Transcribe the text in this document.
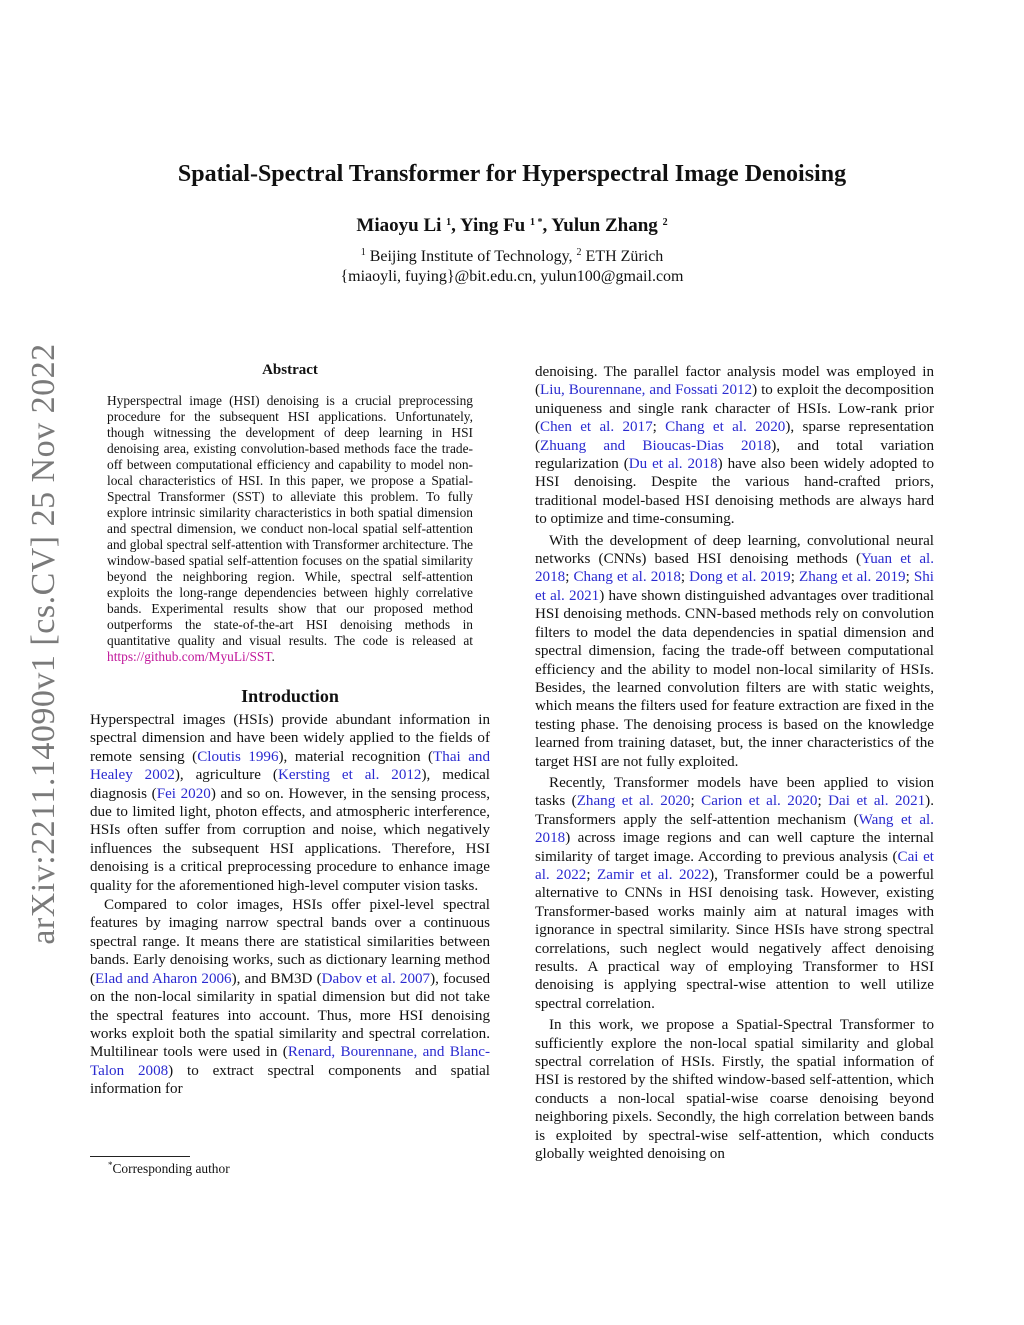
arXiv:2211.14090v1 [cs.CV] 25 Nov 2022
Spatial-Spectral Transformer for Hyperspectral Image Denoising
Miaoyu Li $^1$, Ying Fu $^{1 *}$, Yulun Zhang $^2$
$^1$ Beijing Institute of Technology, $^2$ ETH Zürich
{miaoyli, fuying}@bit.edu.cn, yulun100@gmail.com
Abstract
Hyperspectral image (HSI) denoising is a crucial preprocessing procedure for the subsequent HSI applications. Unfortunately, though witnessing the development of deep learning in HSI denoising area, existing convolution-based methods face the trade-off between computational efficiency and capability to model non-local characteristics of HSI. In this paper, we propose a Spatial-Spectral Transformer (SST) to alleviate this problem. To fully explore intrinsic similarity characteristics in both spatial dimension and spectral dimension, we conduct non-local spatial self-attention and global spectral self-attention with Transformer architecture. The window-based spatial self-attention focuses on the spatial similarity beyond the neighboring region. While, spectral self-attention exploits the long-range dependencies between highly correlative bands. Experimental results show that our proposed method outperforms the state-of-the-art HSI denoising methods in quantitative quality and visual results. The code is released at https://github.com/MyuLi/SST.
Introduction

Hyperspectral images (HSIs) provide abundant information in spectral dimension and have been widely applied to the fields of remote sensing (Cloutis 1996), material recognition (Thai and Healey 2002), agriculture (Kersting et al. 2012), medical diagnosis (Fei 2020) and so on. However, in the sensing process, due to limited light, photon effects, and atmospheric interference, HSIs often suffer from corruption and noise, which negatively influences the subsequent HSI applications. Therefore, HSI denoising is a critical preprocessing procedure to enhance image quality for the aforementioned high-level computer vision tasks.

Compared to color images, HSIs offer pixel-level spectral features by imaging narrow spectral bands over a continuous spectral range. It means there are statistical similarities between bands. Early denoising works, such as dictionary learning method (Elad and Aharon 2006), and BM3D (Dabov et al. 2007), focused on the non-local similarity in spatial dimension but did not take the spectral features into account. Thus, more HSI denoising works exploit both the spatial similarity and spectral correlation. Multilinear tools were used in (Renard, Bourennane, and Blanc-Talon 2008) to extract spectral components and spatial information for

denoising. The parallel factor analysis model was employed in (Liu, Bourennane, and Fossati 2012) to exploit the decomposition uniqueness and single rank character of HSIs. Low-rank prior (Chen et al. 2017; Chang et al. 2020), sparse representation (Zhuang and Bioucas-Dias 2018), and total variation regularization (Du et al. 2018) have also been widely adopted to HSI denoising. Despite the various hand-crafted priors, traditional model-based HSI denoising methods are always hard to optimize and time-consuming.

With the development of deep learning, convolutional neural networks (CNNs) based HSI denoising methods (Yuan et al. 2018; Chang et al. 2018; Dong et al. 2019; Zhang et al. 2019; Shi et al. 2021) have shown distinguished advantages over traditional HSI denoising methods. CNN-based methods rely on convolution filters to model the data dependencies in spatial dimension and spectral dimension, facing the trade-off between computational efficiency and the ability to model non-local similarity of HSIs. Besides, the learned convolution filters are with static weights, which means the filters used for feature extraction are fixed in the testing phase. The denoising process is based on the knowledge learned from training dataset, but, the inner characteristics of the target HSI are not fully exploited.

Recently, Transformer models have been applied to vision tasks (Zhang et al. 2020; Carion et al. 2020; Dai et al. 2021). Transformers apply the self-attention mechanism (Wang et al. 2018) across image regions and can well capture the internal similarity of target image. According to previous analysis (Cai et al. 2022; Zamir et al. 2022), Transformer could be a powerful alternative to CNNs in HSI denoising task. However, existing Transformer-based works mainly aim at natural images with ignorance in spectral similarity. Since HSIs have strong spectral correlations, such neglect would negatively affect denoising results. A practical way of employing Transformer to HSI denoising is applying spectral-wise attention to well utilize spectral correlation.

In this work, we propose a Spatial-Spectral Transformer to sufficiently explore the non-local spatial similarity and global spectral correlation of HSIs. Firstly, the spatial information of HSI is restored by the shifted window-based self-attention, which conducts a non-local spatial-wise coarse denoising beyond neighboring pixels. Secondly, the high correlation between bands is exploited by spectral-wise self-attention, which conducts globally weighted denoising on

*Corresponding author
